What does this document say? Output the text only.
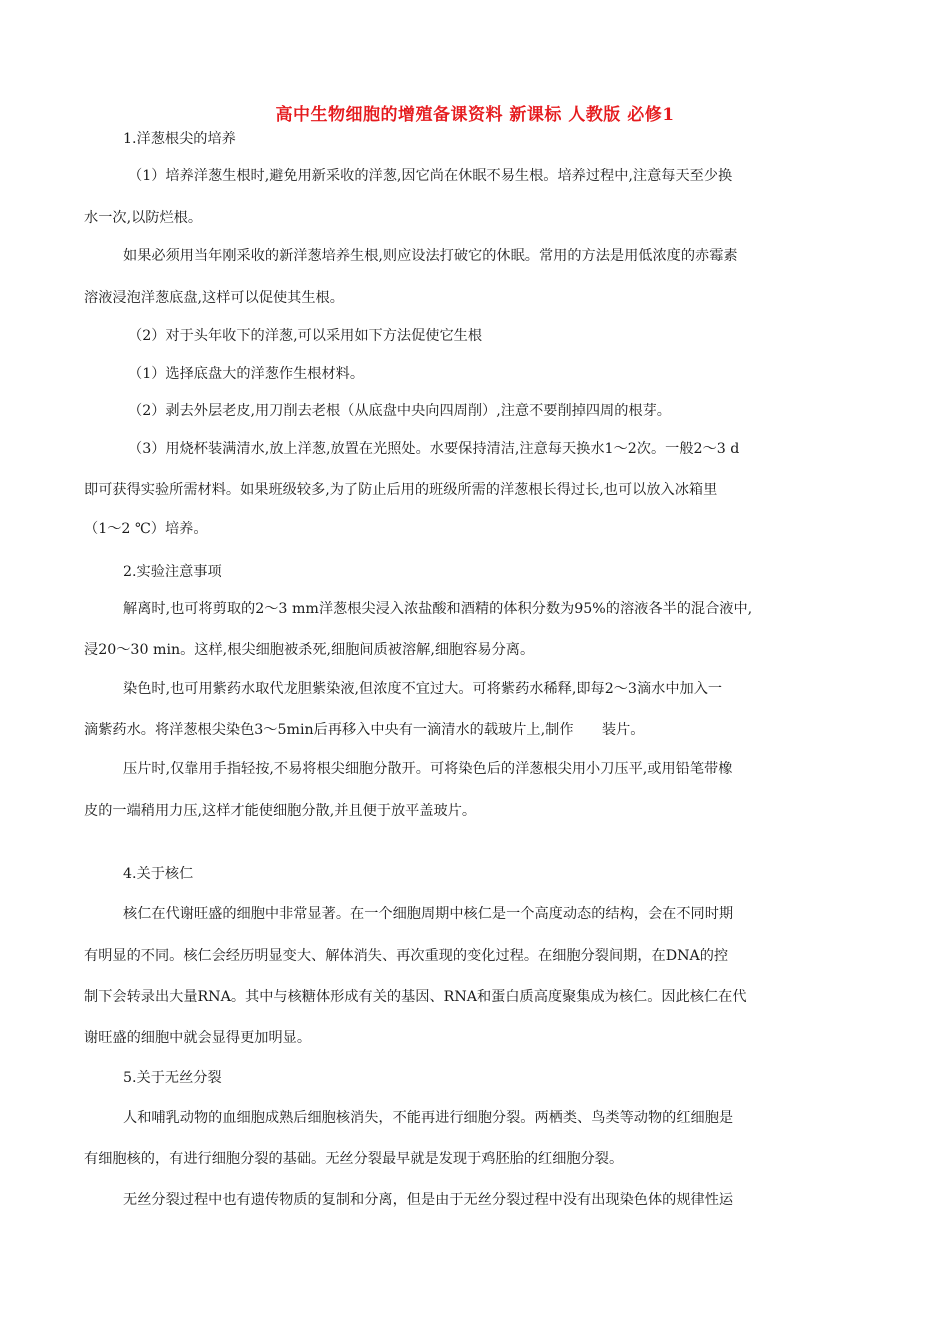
高中生物细胞的增殖备课资料 新课标 人教版 必修1
1.洋葱根尖的培养
（1）培养洋葱生根时,避免用新采收的洋葱,因它尚在休眠不易生根。培养过程中,注意每天至少换
水一次,以防烂根。
如果必须用当年刚采收的新洋葱培养生根,则应设法打破它的休眠。常用的方法是用低浓度的赤霉素
溶液浸泡洋葱底盘,这样可以促使其生根。
（2）对于头年收下的洋葱,可以采用如下方法促使它生根
（1）选择底盘大的洋葱作生根材料。
（2）剥去外层老皮,用刀削去老根（从底盘中央向四周削）,注意不要削掉四周的根芽。
（3）用烧杯装满清水,放上洋葱,放置在光照处。水要保持清洁,注意每天换水1～2次。一般2～3 d
即可获得实验所需材料。如果班级较多,为了防止后用的班级所需的洋葱根长得过长,也可以放入冰箱里
（1～2 ℃）培养。
2.实验注意事项
解离时,也可将剪取的2～3 mm洋葱根尖浸入浓盐酸和酒精的体积分数为95%的溶液各半的混合液中,
浸20～30 min。这样,根尖细胞被杀死,细胞间质被溶解,细胞容易分离。
染色时,也可用紫药水取代龙胆紫染液,但浓度不宜过大。可将紫药水稀释,即每2～3滴水中加入一
滴紫药水。将洋葱根尖染色3～5min后再移入中央有一滴清水的载玻片上,制作　　装片。
压片时,仅靠用手指轻按,不易将根尖细胞分散开。可将染色后的洋葱根尖用小刀压平,或用铅笔带橡
皮的一端稍用力压,这样才能使细胞分散,并且便于放平盖玻片。
4.关于核仁
核仁在代谢旺盛的细胞中非常显著。在一个细胞周期中核仁是一个高度动态的结构，会在不同时期
有明显的不同。核仁会经历明显变大、解体消失、再次重现的变化过程。在细胞分裂间期，在DNA的控
制下会转录出大量RNA。其中与核糖体形成有关的基因、RNA和蛋白质高度聚集成为核仁。因此核仁在代
谢旺盛的细胞中就会显得更加明显。
5.关于无丝分裂
人和哺乳动物的血细胞成熟后细胞核消失，不能再进行细胞分裂。两栖类、鸟类等动物的红细胞是
有细胞核的，有进行细胞分裂的基础。无丝分裂最早就是发现于鸡胚胎的红细胞分裂。
无丝分裂过程中也有遗传物质的复制和分离，但是由于无丝分裂过程中没有出现染色体的规律性运
